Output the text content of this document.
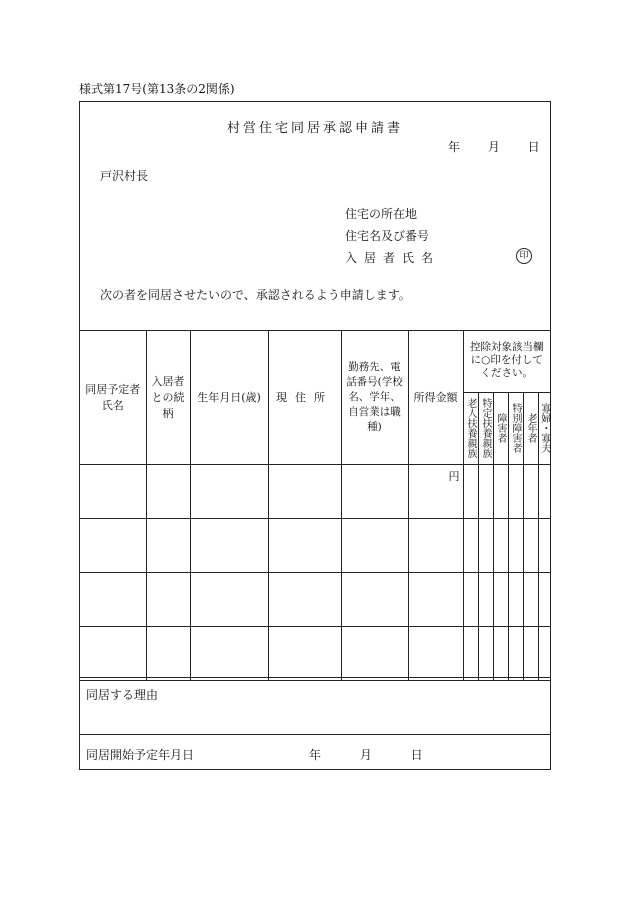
様式第17号(第13条の2関係)
村営住宅同居承認申請書
年 月 日
戸沢村長
住宅の所在地
住宅名及び番号
入居者氏名	印
次の者を同居させたいので、承認されるよう申請します。
同居予定者氏名	入居者との続柄	生年月日(歳)	現住所	勤務先、電話番号(学校名、学年、自営業は職種)	所得金額	控除対象該当欄に○印を付してください。					

						老人扶養親族	特定扶養親族	障害者	特別障害者	老年者	寡婦・寡夫

					円						

同居する理由
同居開始予定年月日	年	月	日
